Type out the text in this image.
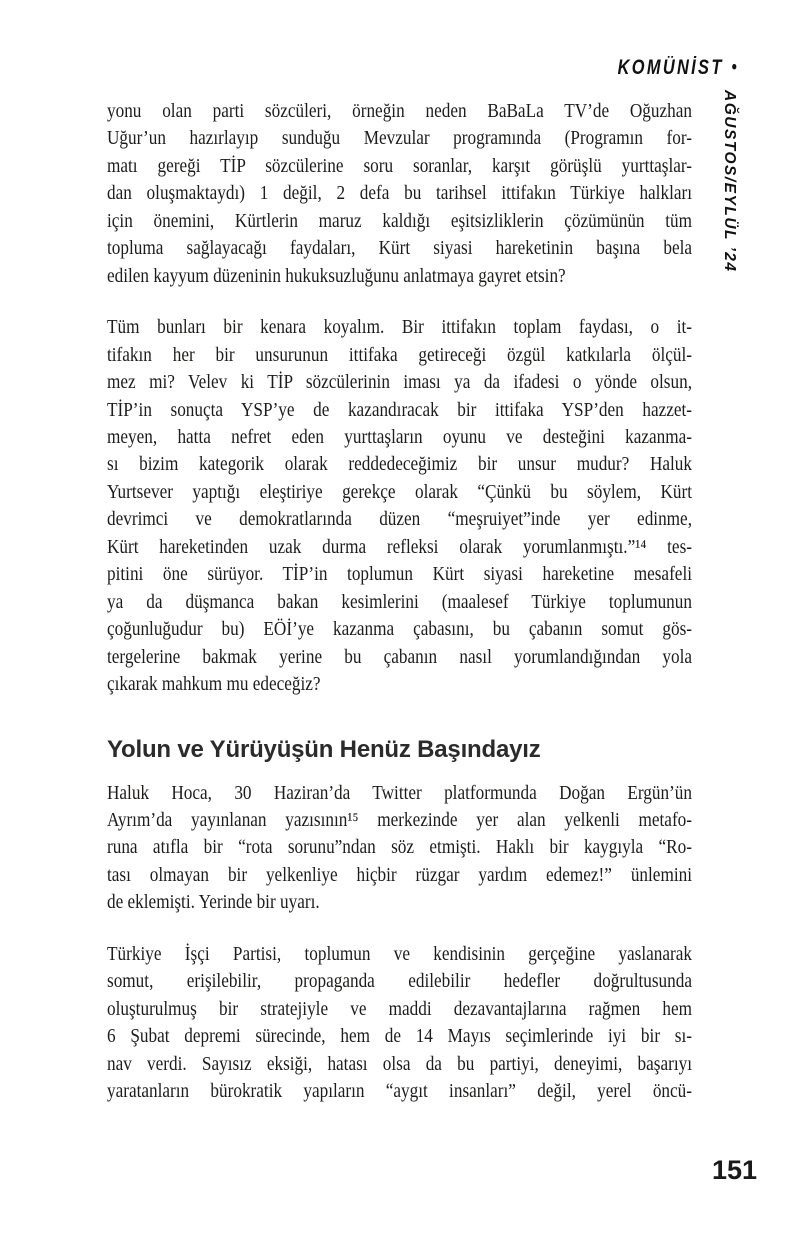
KOMÜNİST •
AĞUSTOS/EYLÜL ’24
yonu olan parti sözcüleri, örneğin neden BaBaLa TV’de Oğuzhan
Uğur’un hazırlayıp sunduğu Mevzular programında (Programın for-
matı gereği TİP sözcülerine soru soranlar, karşıt görüşlü yurttaşlar-
dan oluşmaktaydı) 1 değil, 2 defa bu tarihsel ittifakın Türkiye halkları
için önemini, Kürtlerin maruz kaldığı eşitsizliklerin çözümünün tüm
topluma sağlayacağı faydaları, Kürt siyasi hareketinin başına bela
edilen kayyum düzeninin hukuksuzluğunu anlatmaya gayret etsin?
Tüm bunları bir kenara koyalım. Bir ittifakın toplam faydası, o it-
tifakın her bir unsurunun ittifaka getireceği özgül katkılarla ölçül-
mez mi? Velev ki TİP sözcülerinin iması ya da ifadesi o yönde olsun,
TİP’in sonuçta YSP’ye de kazandıracak bir ittifaka YSP’den hazzet-
meyen, hatta nefret eden yurttaşların oyunu ve desteğini kazanma-
sı bizim kategorik olarak reddedeceğimiz bir unsur mudur? Haluk
Yurtsever yaptığı eleştiriye gerekçe olarak “Çünkü bu söylem, Kürt
devrimci ve demokratlarında düzen “meşruiyet”inde yer edinme,
Kürt hareketinden uzak durma refleksi olarak yorumlanmıştı.”¹⁴ tes-
pitini öne sürüyor. TİP’in toplumun Kürt siyasi hareketine mesafeli
ya da düşmanca bakan kesimlerini (maalesef Türkiye toplumunun
çoğunluğudur bu) EÖİ’ye kazanma çabasını, bu çabanın somut gös-
tergelerine bakmak yerine bu çabanın nasıl yorumlandığından yola
çıkarak mahkum mu edeceğiz?
Yolun ve Yürüyüşün Henüz Başındayız
Haluk Hoca, 30 Haziran’da Twitter platformunda Doğan Ergün’ün
Ayrım’da yayınlanan yazısının¹⁵ merkezinde yer alan yelkenli metafo-
runa atıfla bir “rota sorunu”ndan söz etmişti. Haklı bir kaygıyla “Ro-
tası olmayan bir yelkenliye hiçbir rüzgar yardım edemez!” ünlemini
de eklemişti. Yerinde bir uyarı.
Türkiye İşçi Partisi, toplumun ve kendisinin gerçeğine yaslanarak
somut, erişilebilir, propaganda edilebilir hedefler doğrultusunda
oluşturulmuş bir stratejiyle ve maddi dezavantajlarına rağmen hem
6 Şubat depremi sürecinde, hem de 14 Mayıs seçimlerinde iyi bir sı-
nav verdi. Sayısız eksiği, hatası olsa da bu partiyi, deneyimi, başarıyı
yaratanların bürokratik yapıların “aygıt insanları” değil, yerel öncü-
151
